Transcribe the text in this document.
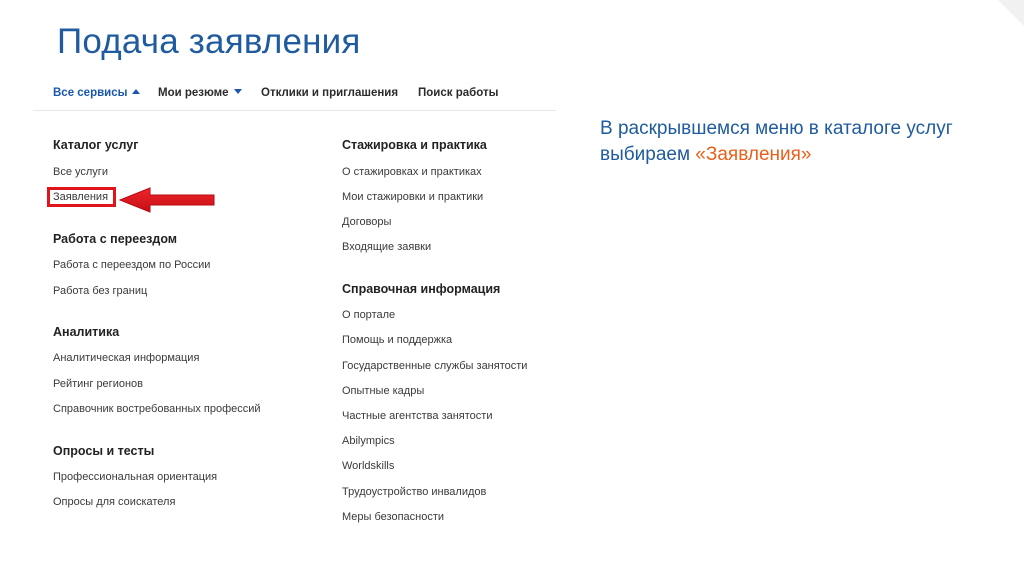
Подача заявления
Все сервисы	Мои резюме	Отклики и приглашения Поиск работы
Каталог услуг
Все услуги
Заявления
Работа с переездом
Работа с переездом по России
Работа без границ
Аналитика
Аналитическая информация
Рейтинг регионов
Справочник востребованных профессий
Опросы и тесты
Профессиональная ориентация
Опросы для соискателя
Стажировка и практика
О стажировках и практиках
Мои стажировки и практики
Договоры
Входящие заявки
Справочная информация
О портале
Помощь и поддержка
Государственные службы занятости
Опытные кадры
Частные агентства занятости
Abilympics
Worldskills
Трудоустройство инвалидов
Меры безопасности
В раскрывшемся меню в каталоге услуг выбираем «Заявления»
